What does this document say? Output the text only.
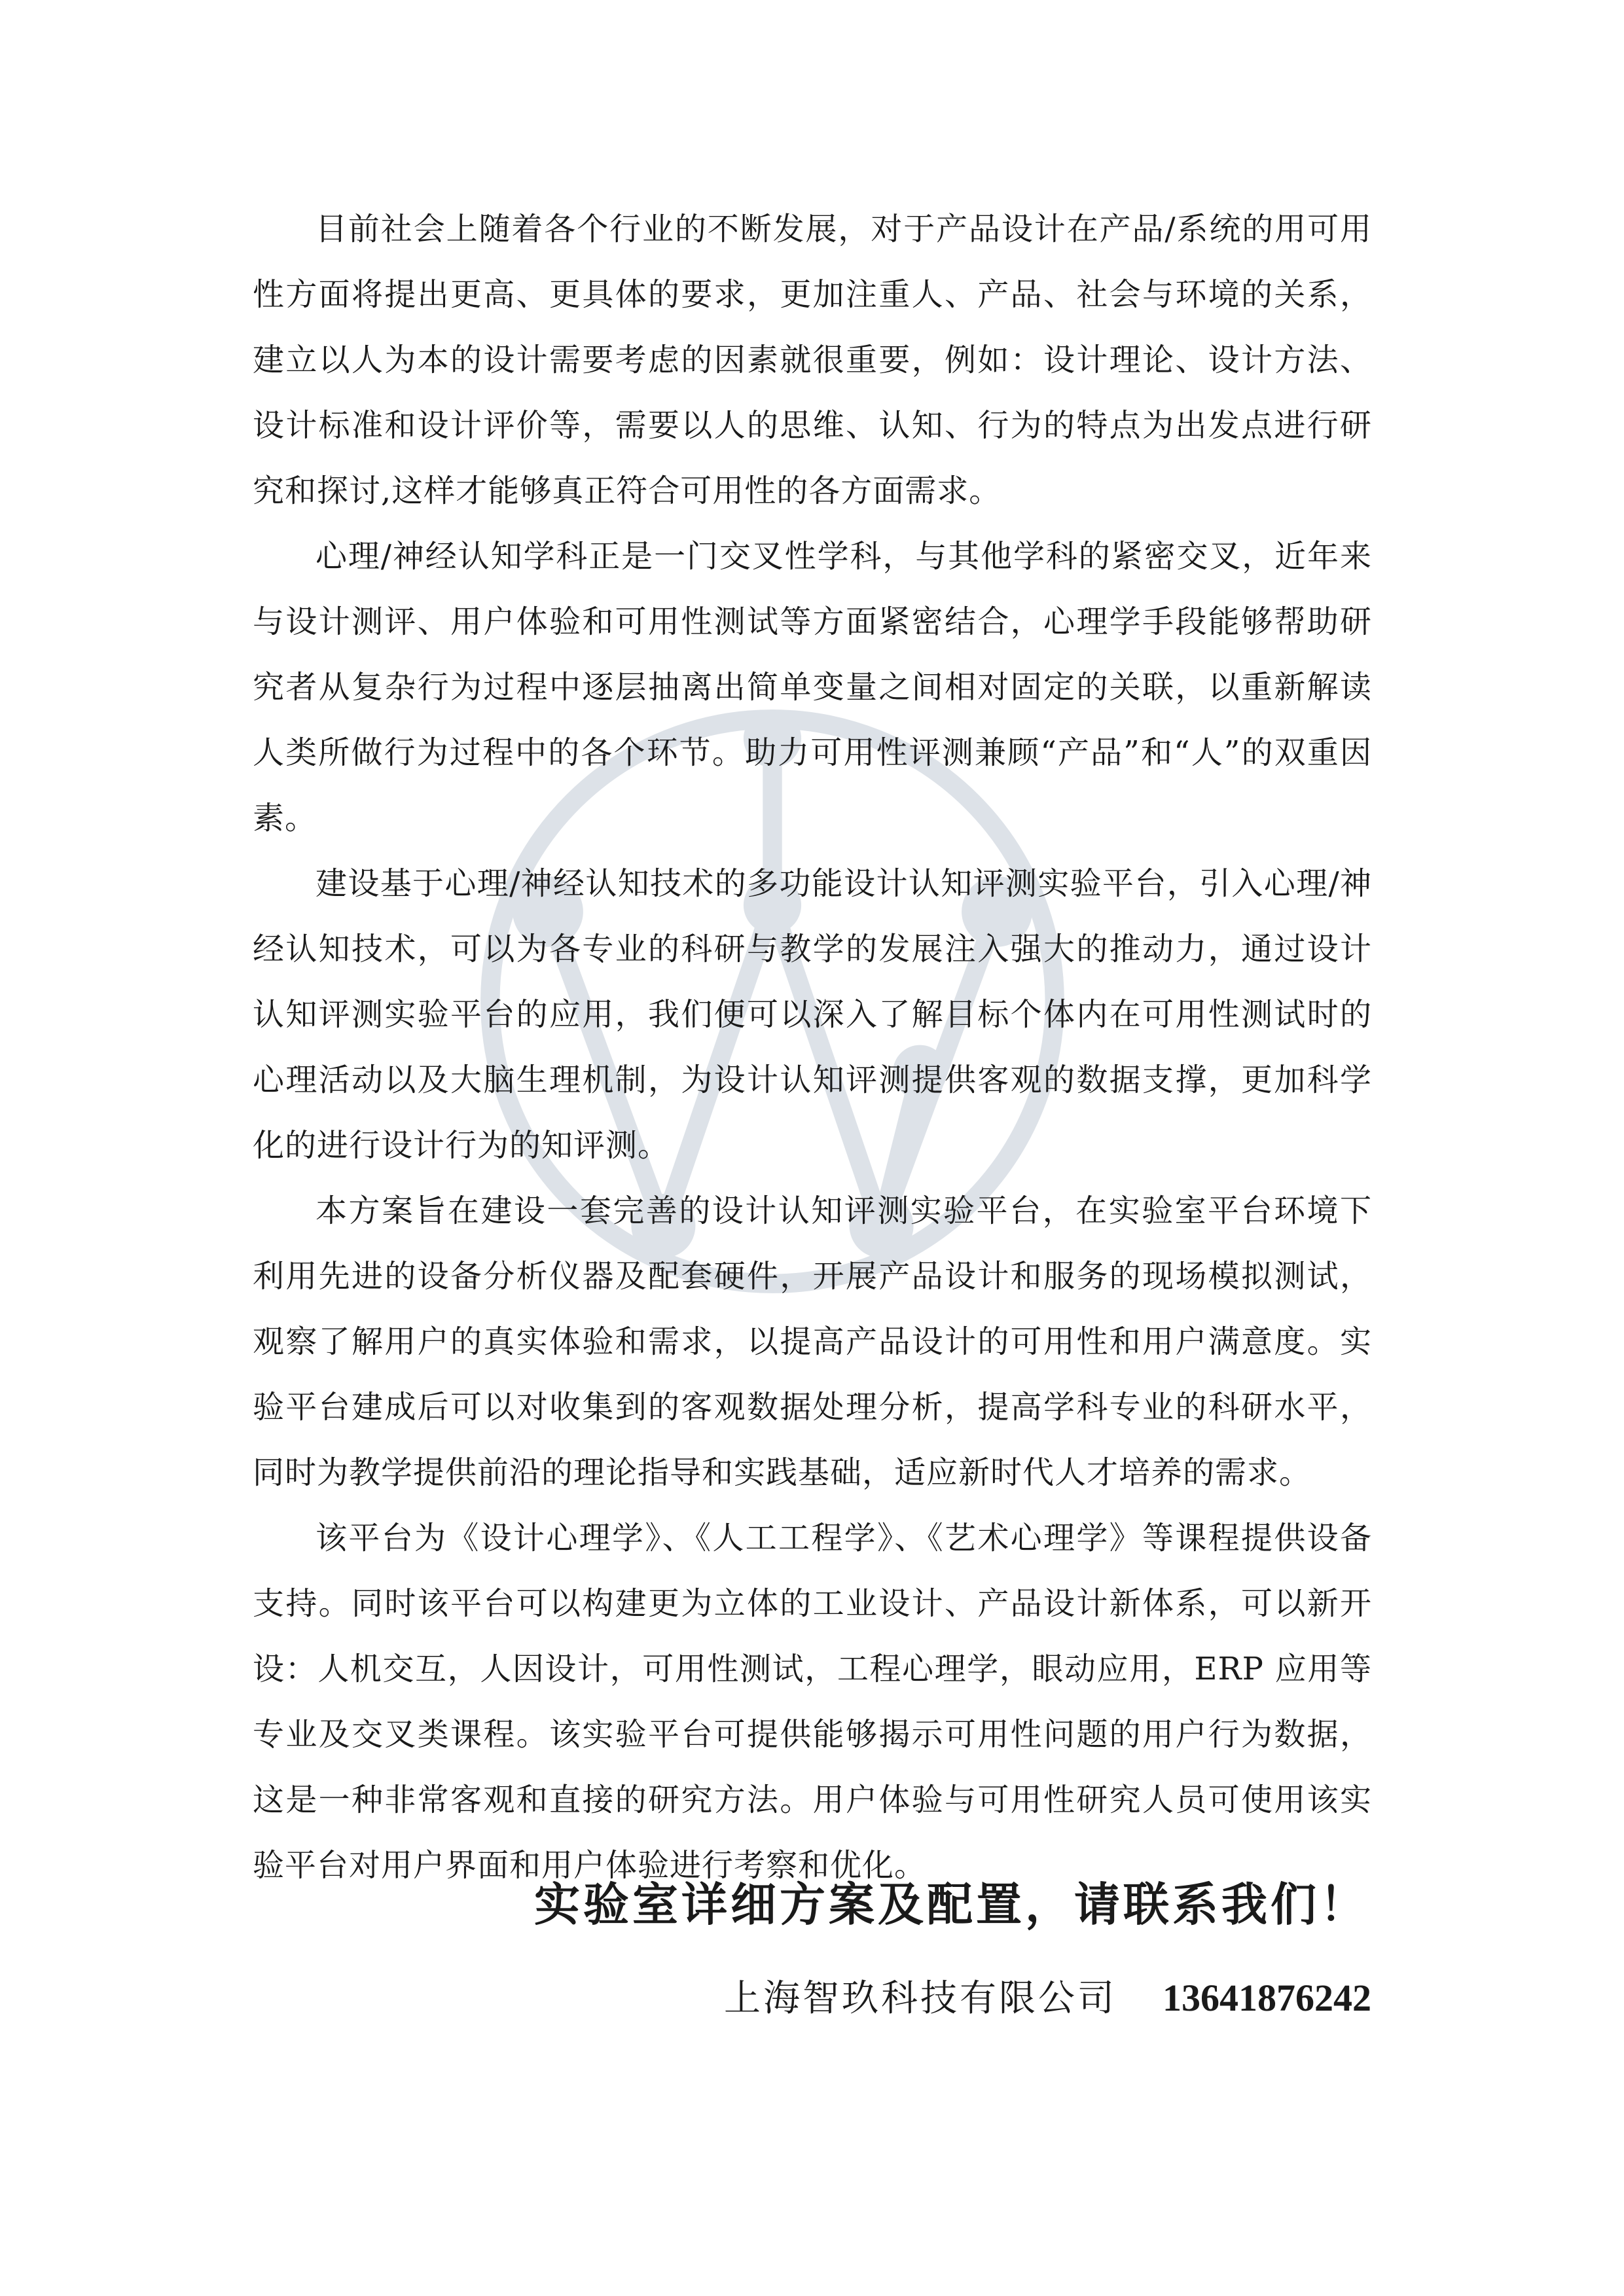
目前社会上随着各个行业的不断发展，对于产品设计在产品/系统的用可用性方面将提出更高、更具体的要求，更加注重人、产品、社会与环境的关系，建立以人为本的设计需要考虑的因素就很重要，例如：设计理论、设计方法、设计标准和设计评价等，需要以人的思维、认知、行为的特点为出发点进行研究和探讨,这样才能够真正符合可用性的各方面需求。

心理/神经认知学科正是一门交叉性学科，与其他学科的紧密交叉，近年来与设计测评、用户体验和可用性测试等方面紧密结合，心理学手段能够帮助研究者从复杂行为过程中逐层抽离出简单变量之间相对固定的关联，以重新解读人类所做行为过程中的各个环节。助力可用性评测兼顾“产品”和“人”的双重因素。

建设基于心理/神经认知技术的多功能设计认知评测实验平台，引入心理/神经认知技术，可以为各专业的科研与教学的发展注入强大的推动力，通过设计认知评测实验平台的应用，我们便可以深入了解目标个体内在可用性测试时的心理活动以及大脑生理机制，为设计认知评测提供客观的数据支撑，更加科学化的进行设计行为的知评测。

本方案旨在建设一套完善的设计认知评测实验平台，在实验室平台环境下利用先进的设备分析仪器及配套硬件，开展产品设计和服务的现场模拟测试，观察了解用户的真实体验和需求，以提高产品设计的可用性和用户满意度。实验平台建成后可以对收集到的客观数据处理分析，提高学科专业的科研水平，同时为教学提供前沿的理论指导和实践基础，适应新时代人才培养的需求。

该平台为《设计心理学》、《人工工程学》、《艺术心理学》等课程提供设备支持。同时该平台可以构建更为立体的工业设计、产品设计新体系，可以新开设：人机交互，人因设计，可用性测试，工程心理学，眼动应用，ERP 应用等专业及交叉类课程。该实验平台可提供能够揭示可用性问题的用户行为数据，这是一种非常客观和直接的研究方法。用户体验与可用性研究人员可使用该实验平台对用户界面和用户体验进行考察和优化。

实验室详细方案及配置，请联系我们！

上海智玖科技有限公司 13641876242
